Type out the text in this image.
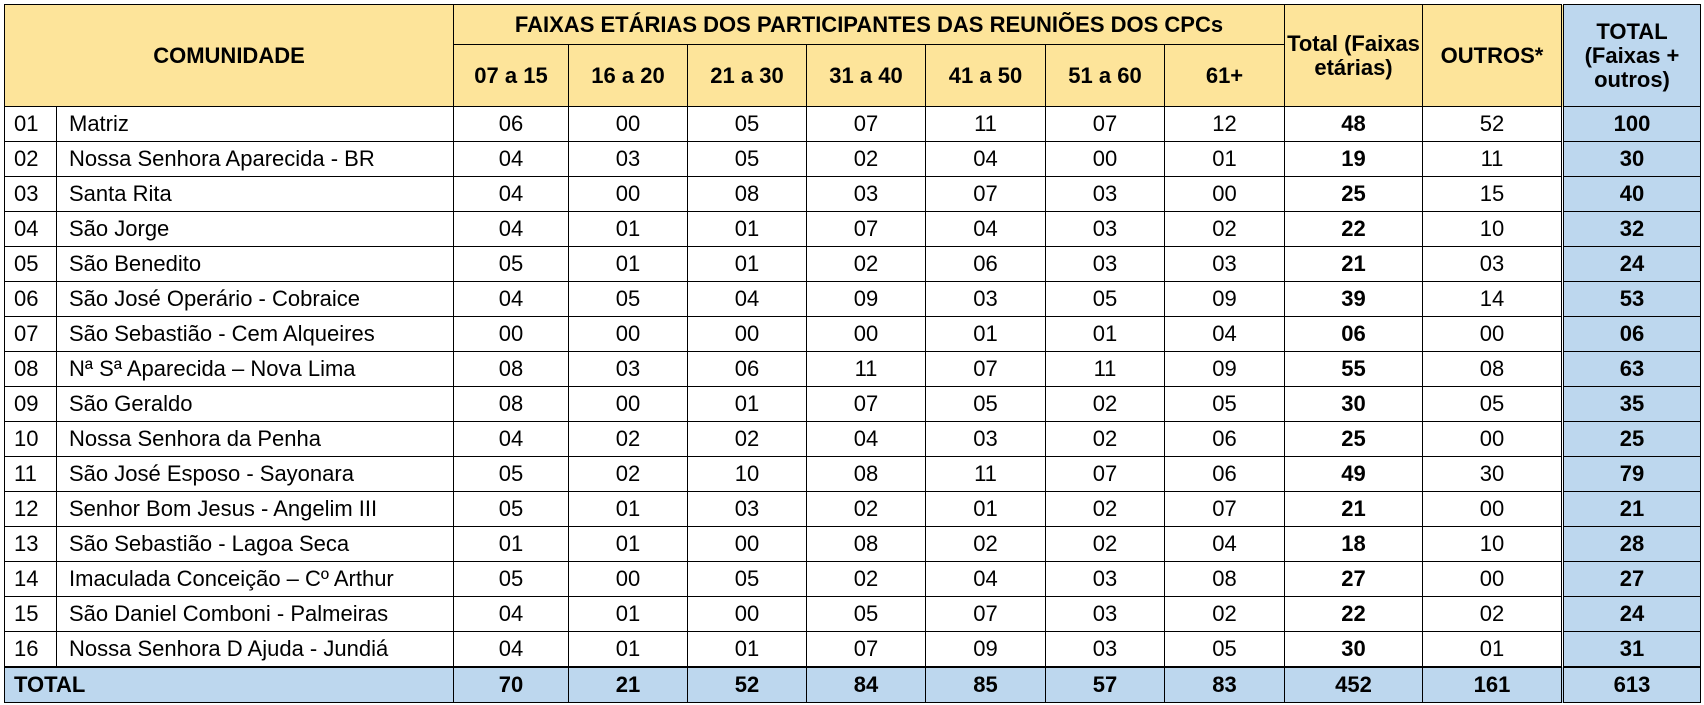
COMUNIDADE		FAIXAS ETÁRIAS DOS PARTICIPANTES DAS REUNIÕES DOS CPCs							Total (Faixas etárias)	OUTROS*	TOTAL (Faixas + outros)
		07 a 15	16 a 20	21 a 30	31 a 40	41 a 50	51 a 60	61+			
01	Matriz	06	00	05	07	11	07	12	48	52	100
02	Nossa Senhora Aparecida - BR	04	03	05	02	04	00	01	19	11	30
03	Santa Rita	04	00	08	03	07	03	00	25	15	40
04	São Jorge	04	01	01	07	04	03	02	22	10	32
05	São Benedito	05	01	01	02	06	03	03	21	03	24
06	São José Operário - Cobraice	04	05	04	09	03	05	09	39	14	53
07	São Sebastião - Cem Alqueires	00	00	00	00	01	01	04	06	00	06
08	Nª Sª Aparecida – Nova Lima	08	03	06	11	07	11	09	55	08	63
09	São Geraldo	08	00	01	07	05	02	05	30	05	35
10	Nossa Senhora da Penha	04	02	02	04	03	02	06	25	00	25
11	São José Esposo - Sayonara	05	02	10	08	11	07	06	49	30	79
12	Senhor Bom Jesus - Angelim III	05	01	03	02	01	02	07	21	00	21
13	São Sebastião - Lagoa Seca	01	01	00	08	02	02	04	18	10	28
14	Imaculada Conceição – Cº Arthur	05	00	05	02	04	03	08	27	00	27
15	São Daniel Comboni - Palmeiras	04	01	00	05	07	03	02	22	02	24
16	Nossa Senhora D Ajuda - Jundiá	04	01	01	07	09	03	05	30	01	31
TOTAL		70	21	52	84	85	57	83	452	161	613
